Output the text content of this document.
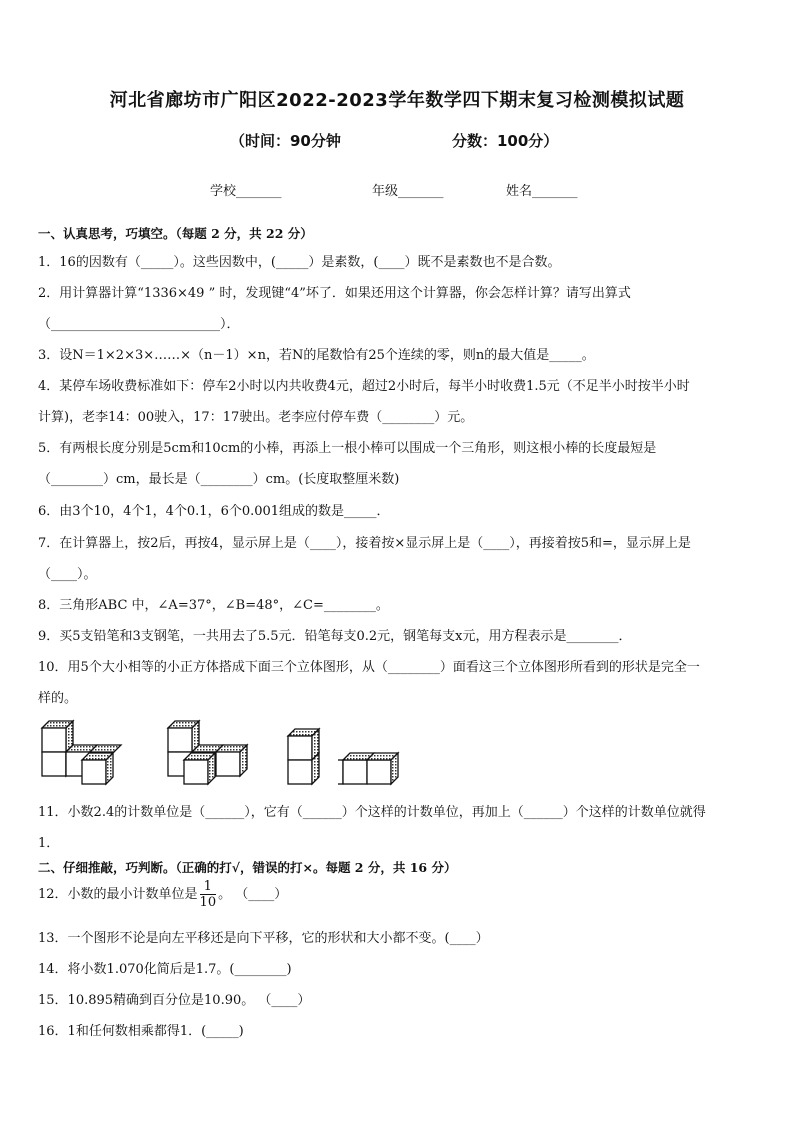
河北省廊坊市广阳区2022-2023学年数学四下期末复习检测模拟试题
（时间：90分钟	分数：100分）
学校_______	年级_______	姓名_______
一、认真思考，巧填空。（每题 2 分，共 22 分）
1．16的因数有（_____）。这些因数中，(_____）是素数，(____）既不是素数也不是合数。
2．用计算器计算“1336×49 ” 时，发现键“4”坏了．如果还用这个计算器，你会怎样计算？请写出算式
（__________________________）．
3．设N＝1×2×3×……×（n－1）×n，若N的尾数恰有25个连续的零，则n的最大值是_____。
4．某停车场收费标准如下：停车2小时以内共收费4元，超过2小时后，每半小时收费1.5元（不足半小时按半小时
计算)，老李14：00驶入，17：17驶出。老李应付停车费（________）元。
5．有两根长度分别是5cm和10cm的小棒，再添上一根小棒可以围成一个三角形，则这根小棒的长度最短是
（________）cm，最长是（________）cm。(长度取整厘米数)
6．由3个10，4个1，4个0.1，6个0.001组成的数是_____．
7．在计算器上，按2后，再按4，显示屏上是（____），接着按×显示屏上是（____），再接着按5和=，显示屏上是
（____）。
8．三角形ABC 中，∠A=37°，∠B=48°，∠C=________。
9．买5支铅笔和3支钢笔，一共用去了5.5元．铅笔每支0.2元，钢笔每支x元，用方程表示是________．
10．用5个大小相等的小正方体搭成下面三个立体图形，从（________）面看这三个立体图形所看到的形状是完全一
样的。
11．小数2.4的计数单位是（______），它有（______）个这样的计数单位，再加上（______）个这样的计数单位就得
1．
二、仔细推敲，巧判断。（正确的打√，错误的打×。每题 2 分，共 16 分）
12．小数的最小计数单位是 $\frac{1}{10}$ 。 （____）
13．一个图形不论是向左平移还是向下平移，它的形状和大小都不变。(____）
14．将小数1.070化简后是1.7。(________)
15．10.895精确到百分位是10.90。 （____）
16．1和任何数相乘都得1．(_____)
